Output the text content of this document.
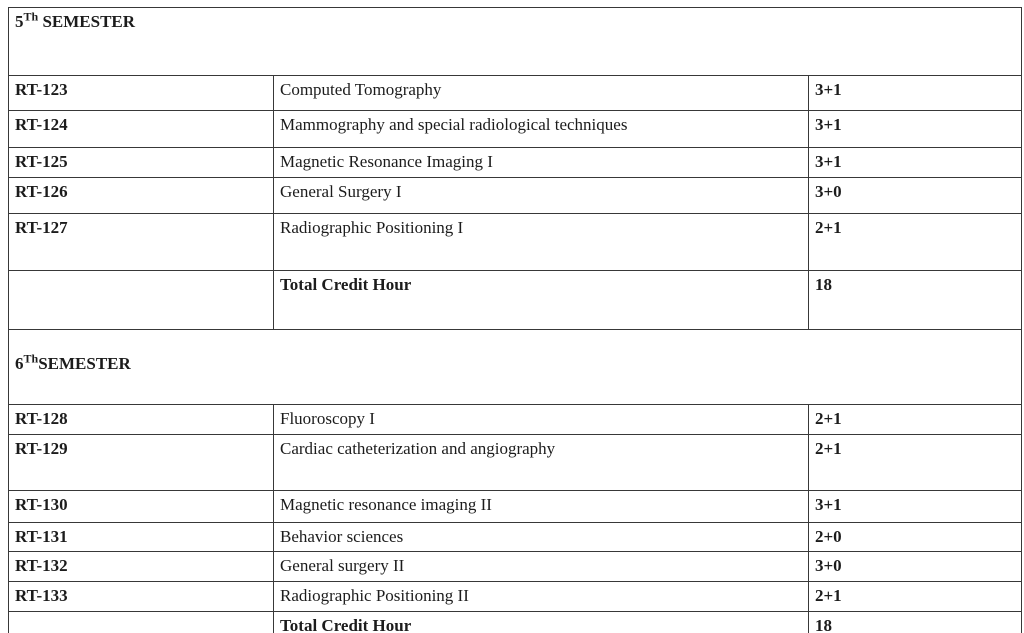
5Th SEMESTER		
RT-123	Computed Tomography	3+1
RT-124	Mammography and special radiological techniques	3+1
RT-125	Magnetic Resonance Imaging I	3+1
RT-126	General Surgery I	3+0
RT-127	Radiographic Positioning I	2+1
	Total Credit Hour	18
6ThSEMESTER		
RT-128	Fluoroscopy I	2+1
RT-129	Cardiac catheterization and angiography	2+1
RT-130	Magnetic resonance imaging II	3+1
RT-131	Behavior sciences	2+0
RT-132	General surgery II	3+0
RT-133	Radiographic Positioning II	2+1
	Total Credit Hour	18
